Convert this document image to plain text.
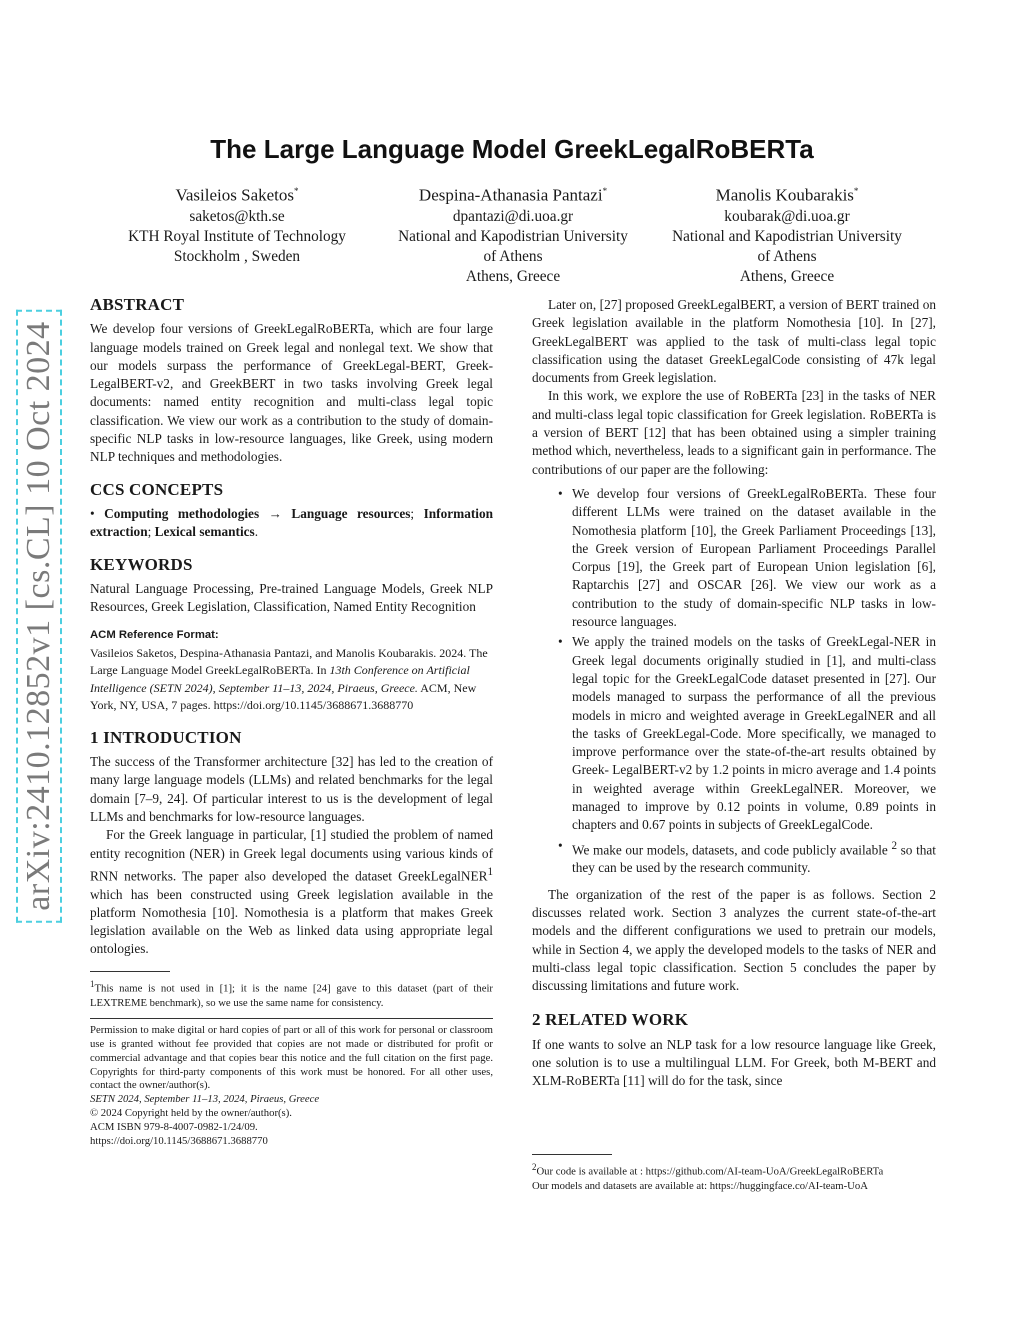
arXiv:2410.12852v1 [cs.CL] 10 Oct 2024
The Large Language Model GreekLegalRoBERTa
Vasileios Saketos*
saketos@kth.se
KTH Royal Institute of Technology
Stockholm , Sweden
Despina-Athanasia Pantazi*
dpantazi@di.uoa.gr
National and Kapodistrian University
of Athens
Athens, Greece
Manolis Koubarakis*
koubarak@di.uoa.gr
National and Kapodistrian University
of Athens
Athens, Greece
ABSTRACT

We develop four versions of GreekLegalRoBERTa, which are four large language models trained on Greek legal and nonlegal text. We show that our models surpass the performance of GreekLegal-BERT, Greek- LegalBERT-v2, and GreekBERT in two tasks involving Greek legal documents: named entity recognition and multi-class legal topic classification. We view our work as a contribution to the study of domain-specific NLP tasks in low-resource languages, like Greek, using modern NLP techniques and methodologies.

CCS CONCEPTS

• Computing methodologies → Language resources; Information extraction; Lexical semantics.

KEYWORDS

Natural Language Processing, Pre-trained Language Models, Greek NLP Resources, Greek Legislation, Classification, Named Entity Recognition

ACM Reference Format:

Vasileios Saketos, Despina-Athanasia Pantazi, and Manolis Koubarakis. 2024. The Large Language Model GreekLegalRoBERTa. In 13th Conference on Artificial Intelligence (SETN 2024), September 11–13, 2024, Piraeus, Greece. ACM, New York, NY, USA, 7 pages. https://doi.org/10.1145/3688671.3688770

1 INTRODUCTION

The success of the Transformer architecture [32] has led to the creation of many large language models (LLMs) and related benchmarks for the legal domain [7–9, 24]. Of particular interest to us is the development of legal LLMs and benchmarks for low-resource languages.

For the Greek language in particular, [1] studied the problem of named entity recognition (NER) in Greek legal documents using various kinds of RNN networks. The paper also developed the dataset GreekLegalNER$^1$ which has been constructed using Greek legislation available in the platform Nomothesia [10]. Nomothesia is a platform that makes Greek legislation available on the Web as linked data using appropriate legal ontologies.

$^1$This name is not used in [1]; it is the name [24] gave to this dataset (part of their LEXTREME benchmark), so we use the same name for consistency.

Permission to make digital or hard copies of part or all of this work for personal or classroom use is granted without fee provided that copies are not made or distributed for profit or commercial advantage and that copies bear this notice and the full citation on the first page. Copyrights for third-party components of this work must be honored. For all other uses, contact the owner/author(s).
SETN 2024, September 11–13, 2024, Piraeus, Greece
© 2024 Copyright held by the owner/author(s).
ACM ISBN 979-8-4007-0982-1/24/09.
https://doi.org/10.1145/3688671.3688770

Later on, [27] proposed GreekLegalBERT, a version of BERT trained on Greek legislation available in the platform Nomothesia [10]. In [27], GreekLegalBERT was applied to the task of multi-class legal topic classification using the dataset GreekLegalCode consisting of 47k legal documents from Greek legislation.

In this work, we explore the use of RoBERTa [23] in the tasks of NER and multi-class legal topic classification for Greek legislation. RoBERTa is a version of BERT [12] that has been obtained using a simpler training method which, nevertheless, leads to a significant gain in performance. The contributions of our paper are the following:

• We develop four versions of GreekLegalRoBERTa. These four different LLMs were trained on the dataset available in the Nomothesia platform [10], the Greek Parliament Proceedings [13], the Greek version of European Parliament Proceedings Parallel Corpus [19], the Greek part of European Union legislation [6], Raptarchis [27] and OSCAR [26]. We view our work as a contribution to the study of domain-specific NLP tasks in low-resource languages.
• We apply the trained models on the tasks of GreekLegal-NER in Greek legal documents originally studied in [1], and multi-class legal topic for the GreekLegalCode dataset presented in [27]. Our models managed to surpass the performance of all the previous models in micro and weighted average in GreekLegalNER and all the tasks of GreekLegal-Code. More specifically, we managed to improve performance over the state-of-the-art results obtained by Greek- LegalBERT-v2 by 1.2 points in micro average and 1.4 points in weighted average within GreekLegalNER. Moreover, we managed to improve by 0.12 points in volume, 0.89 points in chapters and 0.67 points in subjects of GreekLegalCode.
• We make our models, datasets, and code publicly available $^2$ so that they can be used by the research community.

The organization of the rest of the paper is as follows. Section 2 discusses related work. Section 3 analyzes the current state-of-the-art models and the different configurations we used to pretrain our models, while in Section 4, we apply the developed models to the tasks of NER and multi-class legal topic classification. Section 5 concludes the paper by discussing limitations and future work.

2 RELATED WORK

If one wants to solve an NLP task for a low resource language like Greek, one solution is to use a multilingual LLM. For Greek, both M-BERT and XLM-RoBERTa [11] will do for the task, since

$^2$Our code is available at : https://github.com/AI-team-UoA/GreekLegalRoBERTa
Our models and datasets are available at: https://huggingface.co/AI-team-UoA
